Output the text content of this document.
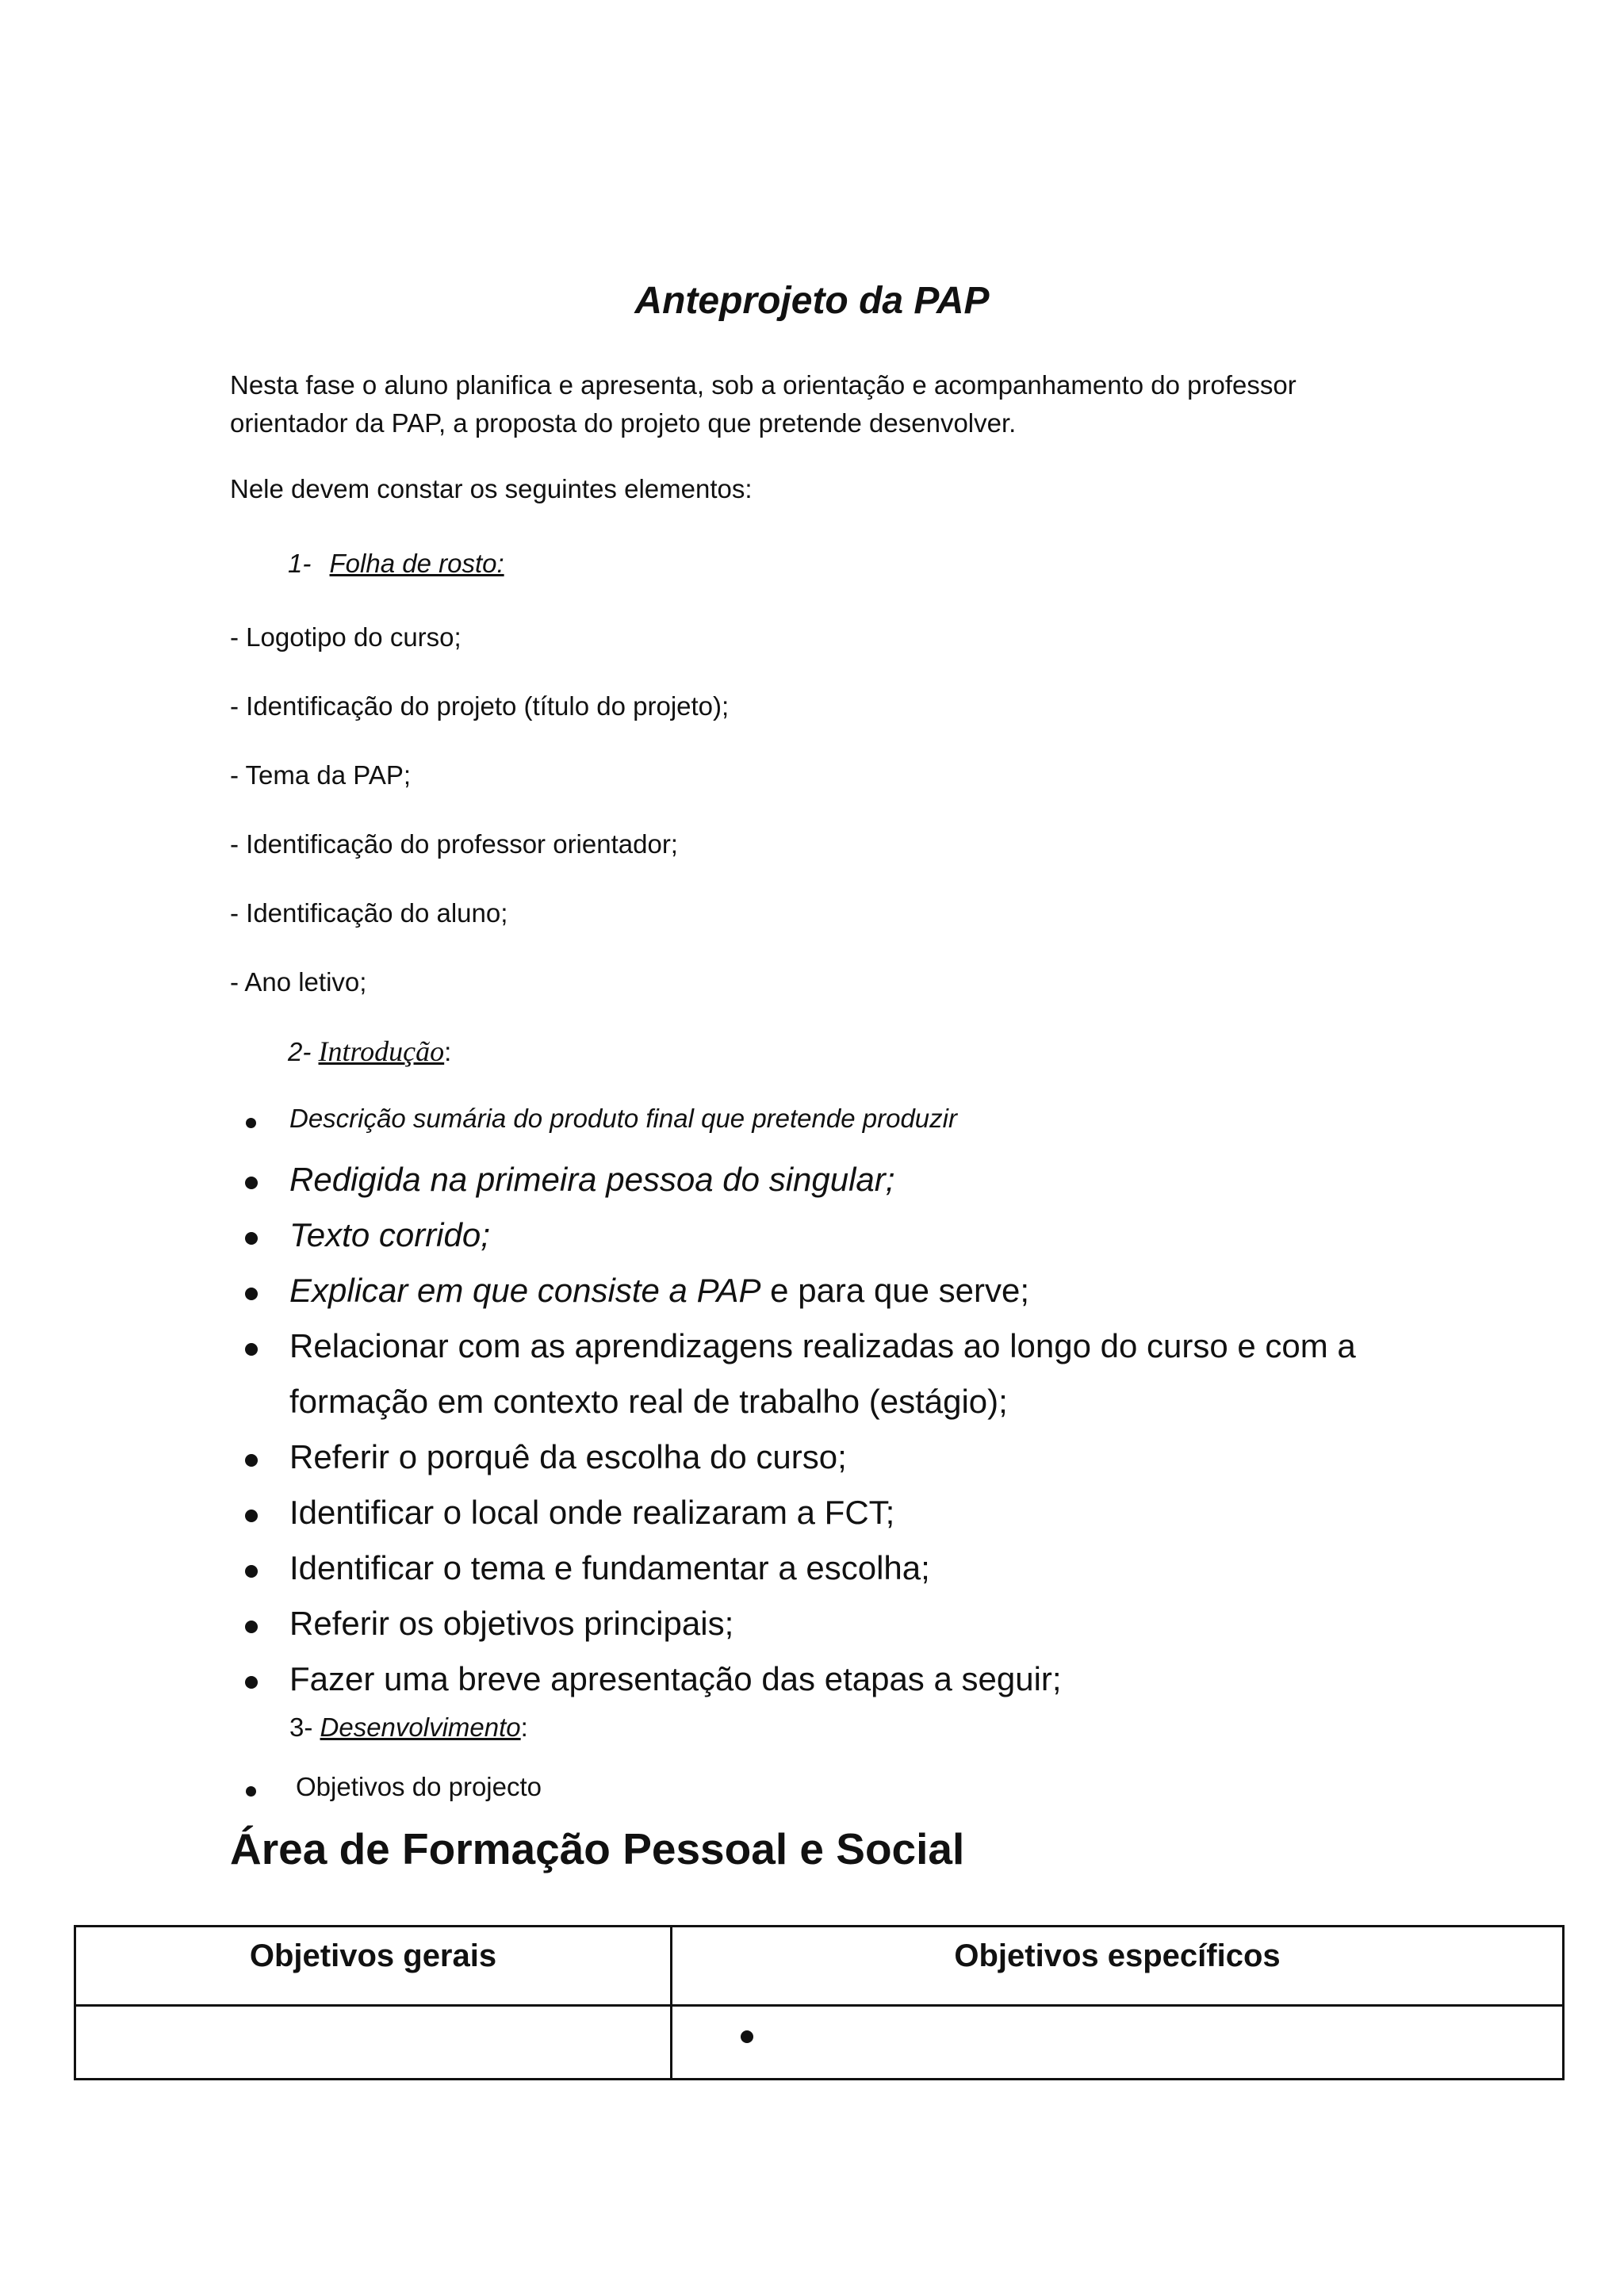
Anteprojeto da PAP
Nesta fase o aluno planifica e apresenta, sob a orientação e acompanhamento do professor
orientador da PAP, a proposta do projeto que pretende desenvolver.
Nele devem constar os seguintes elementos:
1- Folha de rosto:
- Logotipo do curso;
- Identificação do projeto (título do projeto);
- Tema da PAP;
- Identificação do professor orientador;
- Identificação do aluno;
- Ano letivo;
2- Introdução:
Descrição sumária do produto final que pretende produzir
Redigida na primeira pessoa do singular;
Texto corrido;
Explicar em que consiste a PAP e para que serve;
Relacionar com as aprendizagens realizadas ao longo do curso e com a
formação em contexto real de trabalho (estágio);
Referir o porquê da escolha do curso;
Identificar o local onde realizaram a FCT;
Identificar o tema e fundamentar a escolha;
Referir os objetivos principais;
Fazer uma breve apresentação das etapas a seguir;
3- Desenvolvimento:
Objetivos do projecto
Área de Formação Pessoal e Social
Objetivos gerais	Objetivos específicos
